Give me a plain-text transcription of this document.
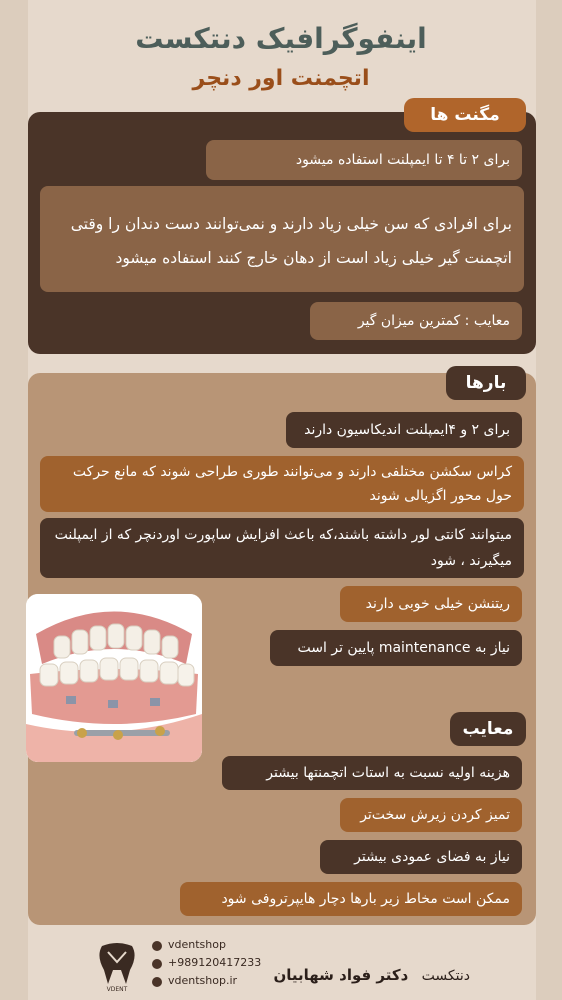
اینفوگرافیک دنتکست
اتچمنت اور دنچر
مگنت ها
برای ۲ تا ۴ تا ایمپلنت استفاده میشود
برای افرادی که سن خیلی زیاد دارند و نمی‌توانند دست دندان را وقتی اتچمنت گیر خیلی زیاد است از دهان خارج کنند استفاده میشود
معایب : کمترین میزان گیر
بارها
برای ۲ و ۴ایمپلنت اندیکاسیون دارند
کراس سکشن مختلفی دارند و می‌توانند طوری طراحی شوند که مانع حرکت حول محور اگزیالی شوند
میتوانند کانتی لور داشته باشند،که باعث افزایش ساپورت اوردنچر که از ایمپلنت میگیرند ، شود
ریتنشن خیلی خوبی دارند
نیاز به maintenance پایین تر است
معایب
هزینه اولیه نسبت به استات اتچمنتها بیشتر
تمیز کردن زیرش سخت‌تر
نیاز به فضای عمودی بیشتر
ممکن است مخاط زیر بارها دچار هایپرتروفی شود
VDENT
vdentshop
+989120417233
vdentshop.ir	دنتکست   دکتر فواد شهابیان
